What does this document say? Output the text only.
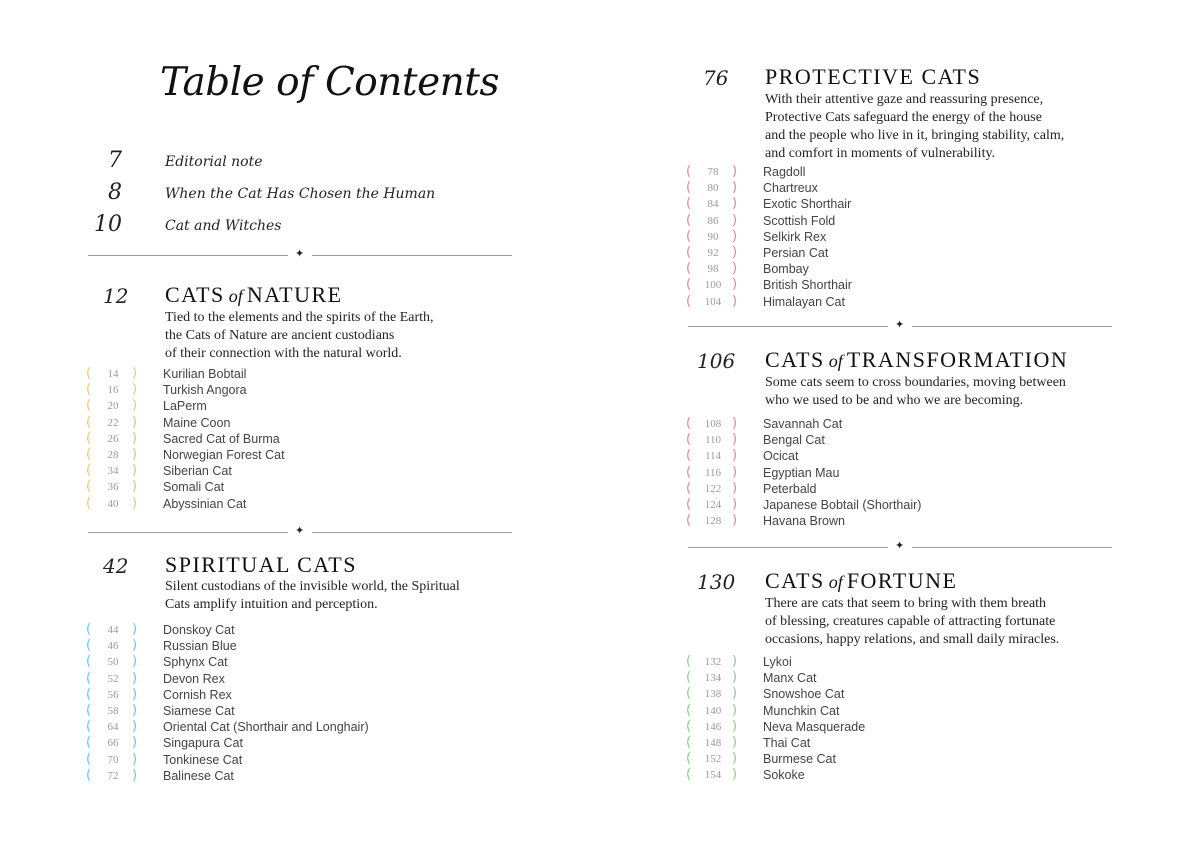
Table of Contents
7	Editorial note
8	When the Cat Has Chosen the Human
10	Cat and Witches
✦
12 CATS of NATURE
Tied to the elements and the spirits of the Earth,
the Cats of Nature are ancient custodians
of their connection with the natural world.
(	14	) Kurilian Bobtail
(	16	) Turkish Angora
(	20	) LaPerm
(	22	) Maine Coon
(	26	) Sacred Cat of Burma
(	28	) Norwegian Forest Cat
(	34	) Siberian Cat
(	36	) Somali Cat
(	40	) Abyssinian Cat
✦
42 SPIRITUAL CATS
Silent custodians of the invisible world, the Spiritual
Cats amplify intuition and perception.
(	44	) Donskoy Cat
(	46	) Russian Blue
(	50	) Sphynx Cat
(	52	) Devon Rex
(	56	) Cornish Rex
(	58	) Siamese Cat
(	64	) Oriental Cat (Shorthair and Longhair)
(	66	) Singapura Cat
(	70	) Tonkinese Cat
(	72	) Balinese Cat
76 PROTECTIVE CATS
With their attentive gaze and reassuring presence,
Protective Cats safeguard the energy of the house
and the people who live in it, bringing stability, calm,
and comfort in moments of vulnerability.
(	78	) Ragdoll
(	80	) Chartreux
(	84	) Exotic Shorthair
(	86	) Scottish Fold
(	90	) Selkirk Rex
(	92	) Persian Cat
(	98	) Bombay
(	100 ) British Shorthair
(	104 ) Himalayan Cat
✦
106 CATS of TRANSFORMATION
Some cats seem to cross boundaries, moving between
who we used to be and who we are becoming.
(	108 ) Savannah Cat
(	110 ) Bengal Cat
(	114 ) Ocicat
(	116 ) Egyptian Mau
(	122 ) Peterbald
(	124 ) Japanese Bobtail (Shorthair)
(	128 ) Havana Brown
✦
130 CATS of FORTUNE
There are cats that seem to bring with them breath
of blessing, creatures capable of attracting fortunate
occasions, happy relations, and small daily miracles.
(	132 ) Lykoi
(	134 ) Manx Cat
(	138 ) Snowshoe Cat
(	140 ) Munchkin Cat
(	146 ) Neva Masquerade
(	148 ) Thai Cat
(	152 ) Burmese Cat
(	154 ) Sokoke
